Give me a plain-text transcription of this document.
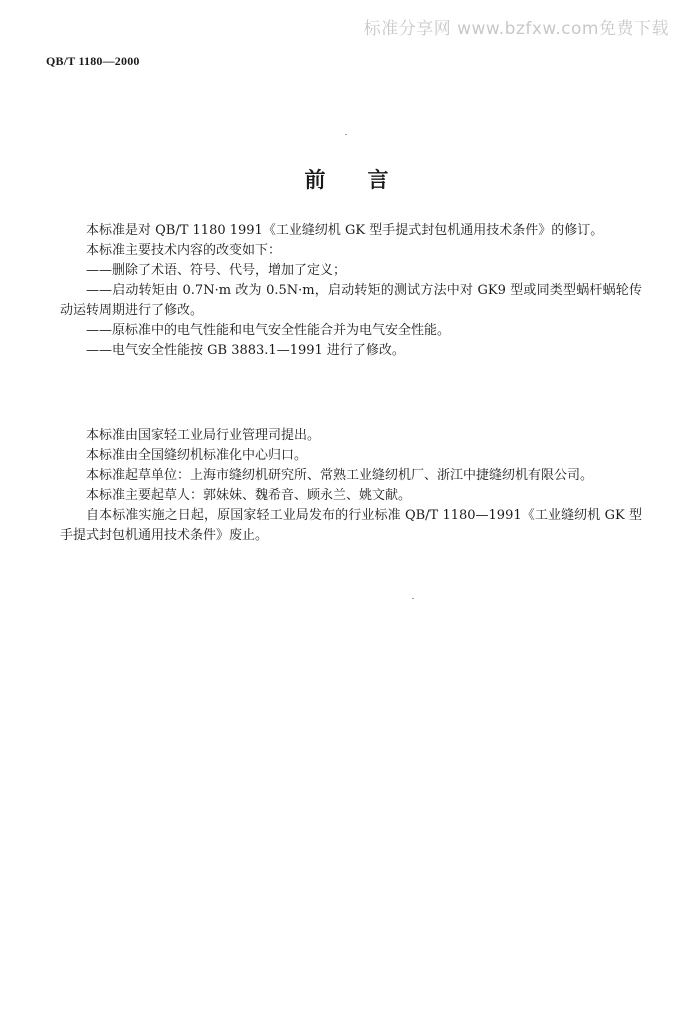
标准分享网 www.bzfxw.com免费下载
QB/T 1180—2000
前　　言

本标准是对 QB/T 1180 1991《工业缝纫机 GK 型手提式封包机通用技术条件》的修订。

本标准主要技术内容的改变如下：

——删除了术语、符号、代号，增加了定义；

——启动转矩由 0.7N·m 改为 0.5N·m，启动转矩的测试方法中对 GK9 型或同类型蜗杆蜗轮传动运转周期进行了修改。

——原标准中的电气性能和电气安全性能合并为电气安全性能。

——电气安全性能按 GB 3883.1—1991 进行了修改。

本标准由国家轻工业局行业管理司提出。

本标准由全国缝纫机标准化中心归口。

本标准起草单位：上海市缝纫机研究所、常熟工业缝纫机厂、浙江中捷缝纫机有限公司。

本标准主要起草人：郭妹妹、魏希音、顾永兰、姚文献。

自本标准实施之日起，原国家轻工业局发布的行业标准 QB/T 1180—1991《工业缝纫机 GK 型手提式封包机通用技术条件》废止。
